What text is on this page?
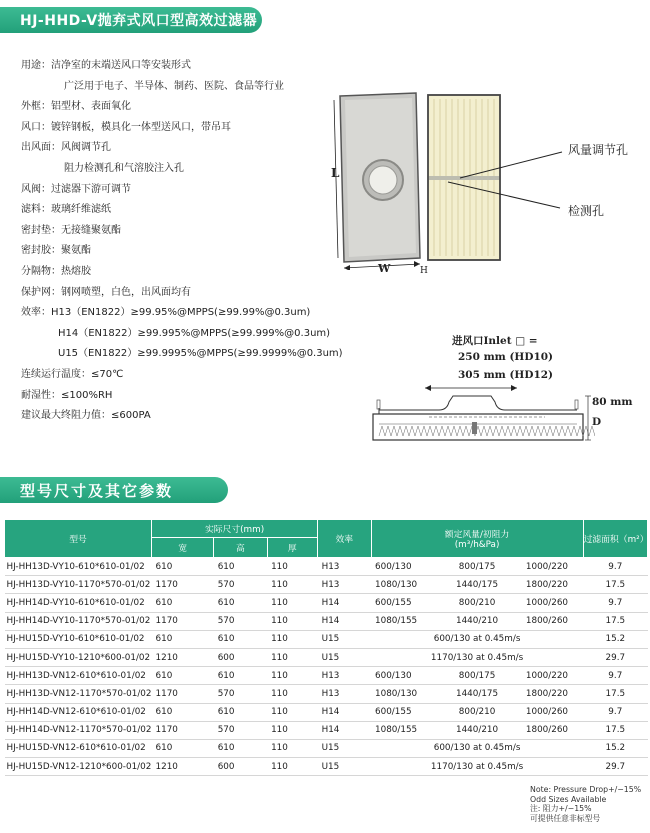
HJ-HHD-V抛弃式风口型高效过滤器
用途： 洁净室的末端送风口等安装形式
广泛用于电子、半导体、制药、医院、食品等行业
外框： 铝型材、表面氧化
风口： 镀锌钢板，模具化一体型送风口，带吊耳
出风面： 风阀调节孔
阻力检测孔和气溶胶注入孔
风阀： 过滤器下游可调节
滤料： 玻璃纤维滤纸
密封垫： 无接缝聚氨酯
密封胶： 聚氨酯
分隔物： 热熔胶
保护网： 钢网喷塑，白色，出风面均有
效率： H13（EN1822）≥99.95%@MPPS(≥99.99%@0.3um)
H14（EN1822）≥99.995%@MPPS(≥99.999%@0.3um)
U15（EN1822）≥99.9995%@MPPS(≥99.9999%@0.3um)
连续运行温度： ≤70℃
耐湿性： ≤100%RH
建议最大终阻力值： ≤600PA
L
W	H
风量调节孔
检测孔
进风口Inlet □ =
250 mm (HD10)
305 mm (HD12)
80 mm
D
型号尺寸及其它参数
型号	实际尺寸(mm)			效率	额定风量/初阻力
(m³/h&Pa)			过滤面积（m²）
	宽	高	厚					
HJ-HH13D-VY10-610*610-01/02	610	610	110	H13	600/130	800/175	1000/220	9.7
HJ-HH13D-VY10-1170*570-01/02	1170	570	110	H13	1080/130	1440/175	1800/220	17.5
HJ-HH14D-VY10-610*610-01/02	610	610	110	H14	600/155	800/210	1000/260	9.7
HJ-HH14D-VY10-1170*570-01/02	1170	570	110	H14	1080/155	1440/210	1800/260	17.5
HJ-HU15D-VY10-610*610-01/02	610	610	110	U15	600/130 at 0.45m/s			15.2
HJ-HU15D-VY10-1210*600-01/02	1210	600	110	U15	1170/130 at 0.45m/s			29.7
HJ-HH13D-VN12-610*610-01/02	610	610	110	H13	600/130	800/175	1000/220	9.7
HJ-HH13D-VN12-1170*570-01/02	1170	570	110	H13	1080/130	1440/175	1800/220	17.5
HJ-HH14D-VN12-610*610-01/02	610	610	110	H14	600/155	800/210	1000/260	9.7
HJ-HH14D-VN12-1170*570-01/02	1170	570	110	H14	1080/155	1440/210	1800/260	17.5
HJ-HU15D-VN12-610*610-01/02	610	610	110	U15	600/130 at 0.45m/s			15.2
HJ-HU15D-VN12-1210*600-01/02	1210	600	110	U15	1170/130 at 0.45m/s			29.7
Note: Pressure Drop+/−15%
Odd Sizes Available
注: 阻力+/−15%
可提供任意非标型号
